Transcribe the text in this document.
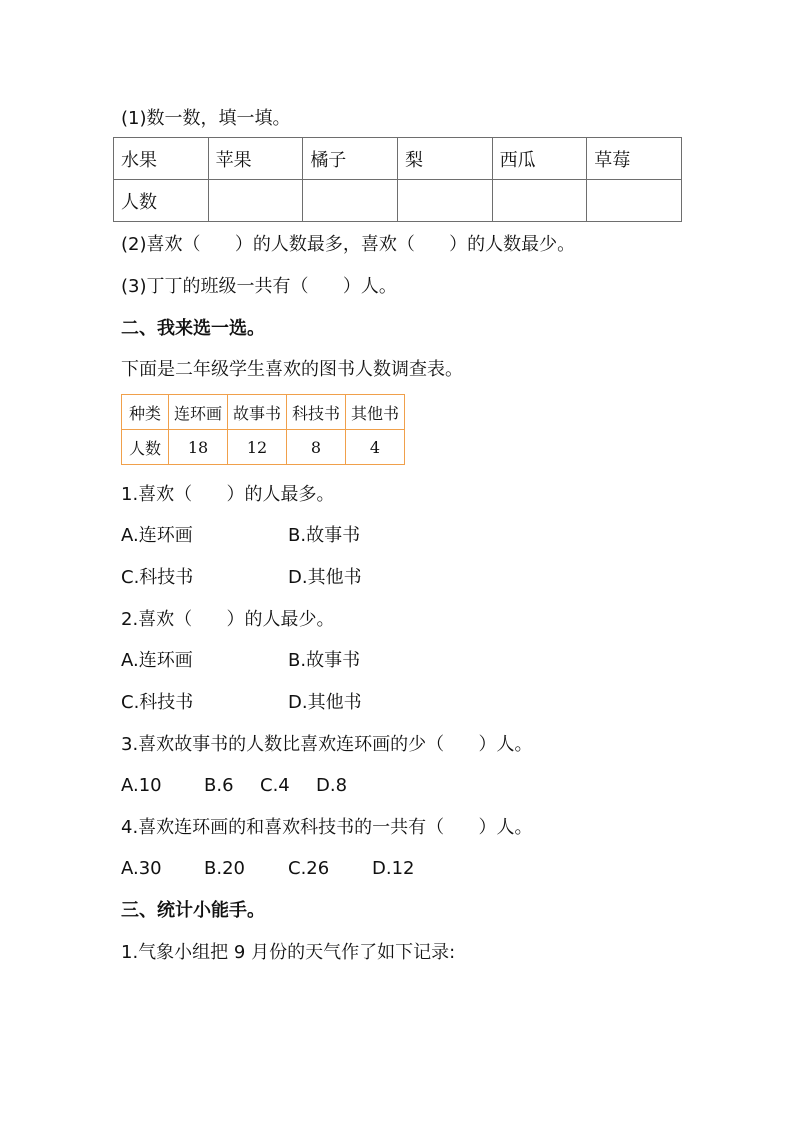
(1)数一数，填一填。
水果	苹果	橘子	梨	西瓜	草莓
人数					
(2)喜欢（      ）的人数最多，喜欢（      ）的人数最少。
(3)丁丁的班级一共有（      ）人。
二、我来选一选。
下面是二年级学生喜欢的图书人数调查表。
种类	连环画	故事书	科技书	其他书
人数	18	12	8	4
1.喜欢（      ）的人最多。
A.连环画	B.故事书
C.科技书	D.其他书
2.喜欢（      ）的人最少。
A.连环画	B.故事书
C.科技书	D.其他书
3.喜欢故事书的人数比喜欢连环画的少（      ）人。
A.10 B.6 C.4 D.8
4.喜欢连环画的和喜欢科技书的一共有（      ）人。
A.30 B.20 C.26 D.12
三、统计小能手。
1.气象小组把 9 月份的天气作了如下记录:
